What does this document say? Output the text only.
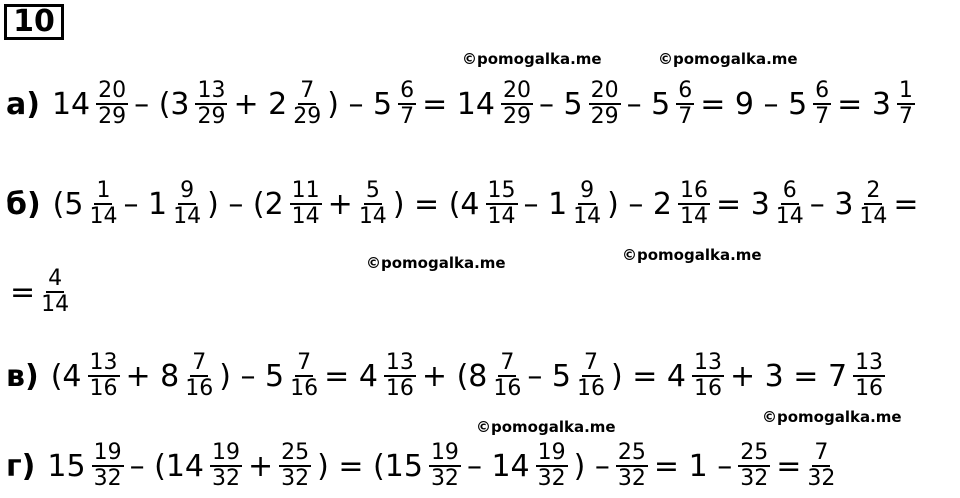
10
а) $14 \frac{20}{29} - (3 \frac{13}{29} + 2 \frac{7}{29}$ ) – $5 \frac{6}{7} = 14 \frac{20}{29} - 5 \frac{20}{29} - 5 \frac{6}{7} = 9 - 5 \frac{6}{7} = 3 \frac{1}{7}$
б) ($5 \frac{1}{14} - 1 \frac{9}{14}$ ) – ($2 \frac{11}{14} + \frac{5}{14}$ ) = ($4 \frac{15}{14} - 1 \frac{9}{14}$ ) – $2 \frac{16}{14} = 3 \frac{6}{14} - 3 \frac{2}{14}$ =
= $\frac{4}{14}$
в) ($4 \frac{13}{16} + 8 \frac{7}{16}$ ) – $5 \frac{7}{16} = 4 \frac{13}{16} + (8 \frac{7}{16} - 5 \frac{7}{16}$ ) = $4 \frac{13}{16} + 3 = 7 \frac{13}{16}$
г) $15 \frac{19}{32} - (14 \frac{19}{32} + \frac{25}{32}$ ) = ($15 \frac{19}{32} - 14 \frac{19}{32}$ ) – $\frac{25}{32} = 1 - \frac{25}{32} = \frac{7}{32}$
©pomogalka.me	©pomogalka.me
©pomogalka.me	©pomogalka.me
©pomogalka.me
©pomogalka.me
